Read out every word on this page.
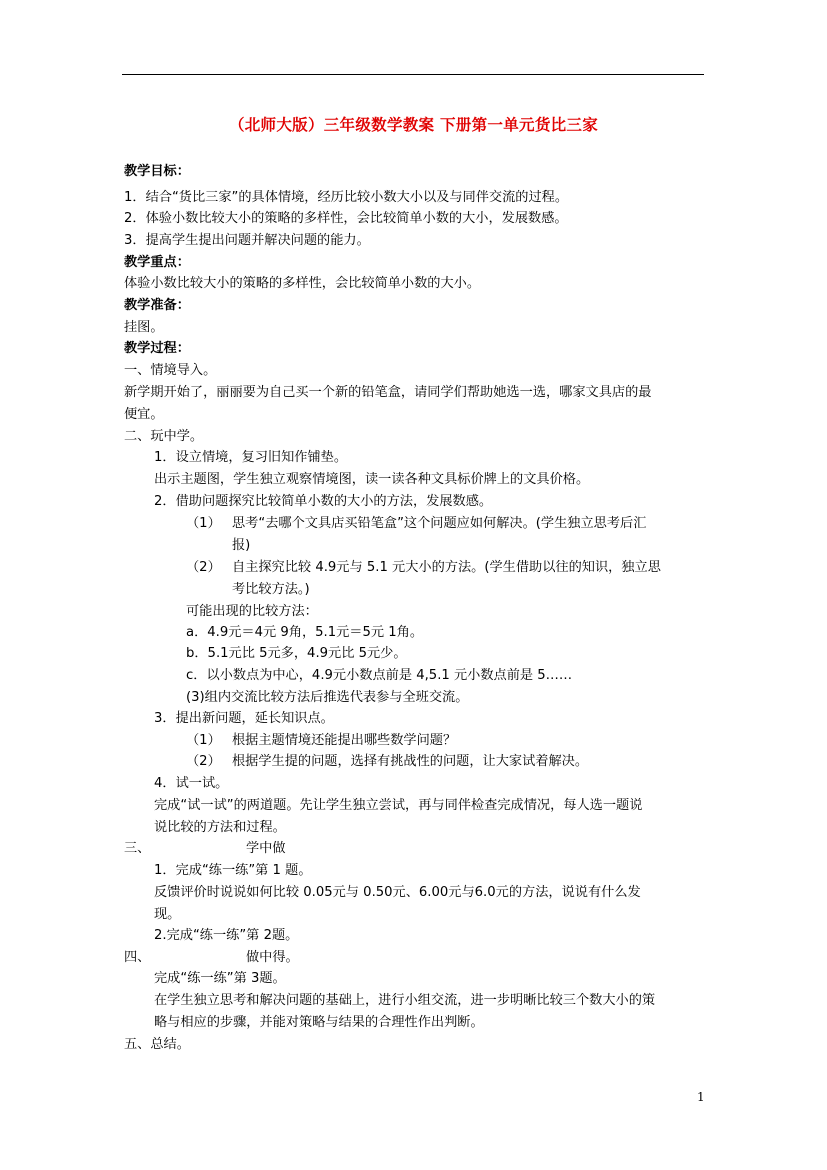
（北师大版）三年级数学教案 下册第一单元货比三家
教学目标：
1．结合“货比三家”的具体情境，经历比较小数大小以及与同伴交流的过程。
2．体验小数比较大小的策略的多样性，会比较简单小数的大小，发展数感。
3．提高学生提出问题并解决问题的能力。
教学重点：
体验小数比较大小的策略的多样性，会比较简单小数的大小。
教学准备：
挂图。
教学过程：
一、情境导入。
新学期开始了，丽丽要为自己买一个新的铅笔盒，请同学们帮助她选一选，哪家文具店的最
便宜。
二、玩中学。
1．设立情境，复习旧知作铺垫。
出示主题图，学生独立观察情境图，读一读各种文具标价牌上的文具价格。
2．借助问题探究比较简单小数的大小的方法，发展数感。
（1） 思考“去哪个文具店买铅笔盒”这个问题应如何解决。(学生独立思考后汇
报)
（2） 自主探究比较 4.9元与 5.1 元大小的方法。(学生借助以往的知识，独立思
考比较方法。)
可能出现的比较方法：
a．4.9元＝4元 9角，5.1元＝5元 1角。
b．5.1元比 5元多，4.9元比 5元少。
c．以小数点为中心，4.9元小数点前是 4,5.1 元小数点前是 5……
(3)组内交流比较方法后推选代表参与全班交流。
3．提出新问题，延长知识点。
（1） 根据主题情境还能提出哪些数学问题？
（2） 根据学生提的问题，选择有挑战性的问题，让大家试着解决。
4．试一试。
完成“试一试”的两道题。先让学生独立尝试，再与同伴检查完成情况，每人选一题说
说比较的方法和过程。
三、	学中做
1．完成“练一练”第 1 题。
反馈评价时说说如何比较 0.05元与 0.50元、6.00元与6.0元的方法，说说有什么发
现。
2.完成“练一练”第 2题。
四、	做中得。
完成“练一练”第 3题。
在学生独立思考和解决问题的基础上，进行小组交流，进一步明晰比较三个数大小的策
略与相应的步骤，并能对策略与结果的合理性作出判断。
五、总结。
1
